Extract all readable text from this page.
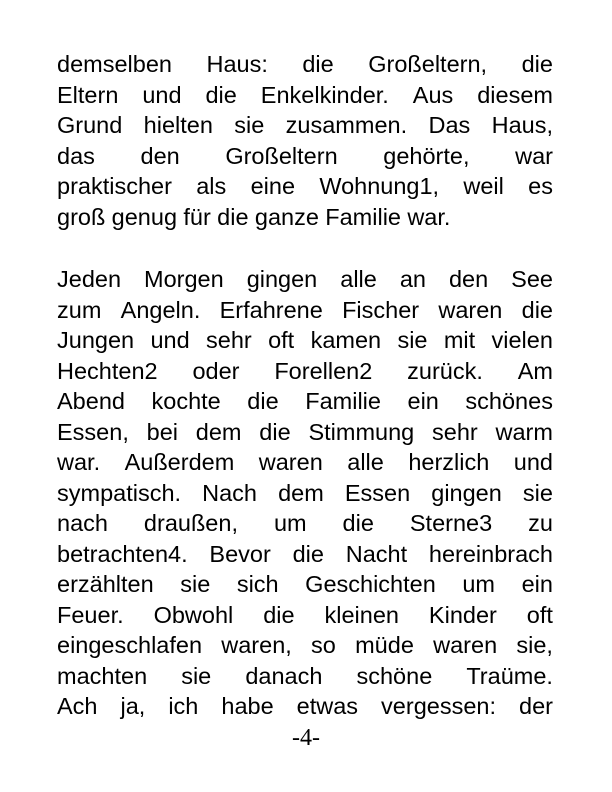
demselben Haus: die Großeltern, die
Eltern und die Enkelkinder. Aus diesem
Grund hielten sie zusammen. Das Haus,
das den Großeltern gehörte, war
praktischer als eine Wohnung1, weil es
groß genug für die ganze Familie war.
Jeden Morgen gingen alle an den See
zum Angeln. Erfahrene Fischer waren die
Jungen und sehr oft kamen sie mit vielen
Hechten2 oder Forellen2 zurück. Am
Abend kochte die Familie ein schönes
Essen, bei dem die Stimmung sehr warm
war. Außerdem waren alle herzlich und
sympatisch. Nach dem Essen gingen sie
nach draußen, um die Sterne3 zu
betrachten4. Bevor die Nacht hereinbrach
erzählten sie sich Geschichten um ein
Feuer. Obwohl die kleinen Kinder oft
eingeschlafen waren, so müde waren sie,
machten sie danach schöne Traüme.
Ach ja, ich habe etwas vergessen: der
-4-
